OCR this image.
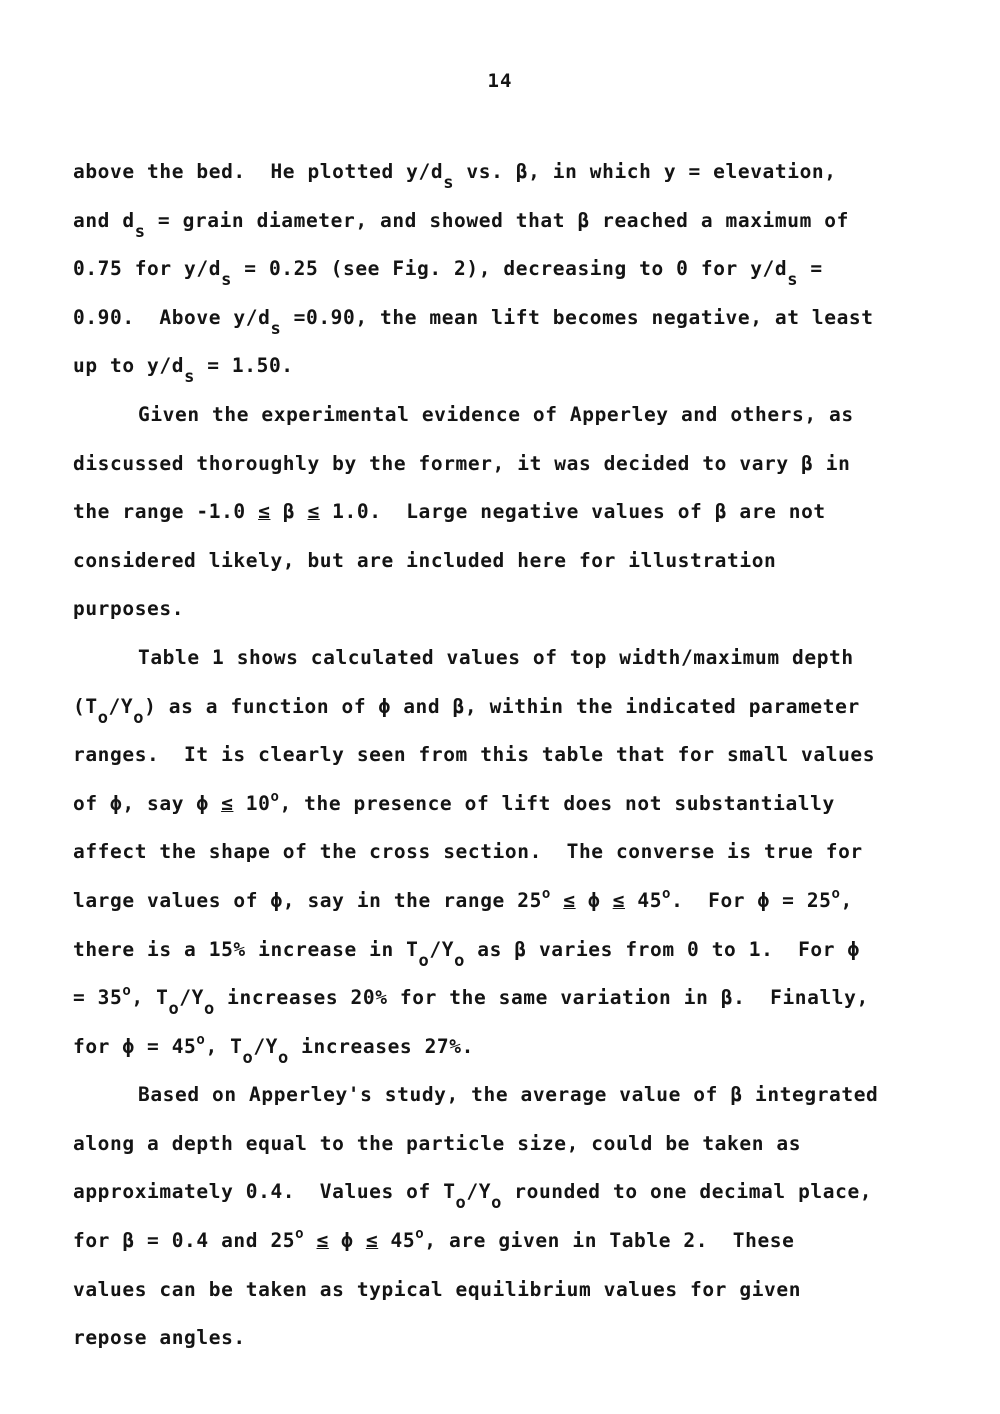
14
above the bed.  He plotted y/ds vs. β, in which y = elevation,
and ds = grain diameter, and showed that β reached a maximum of
0.75 for y/ds = 0.25 (see Fig. 2), decreasing to 0 for y/ds =
0.90.  Above y/ds =0.90, the mean lift becomes negative, at least
up to y/ds = 1.50.
Given the experimental evidence of Apperley and others, as
discussed thoroughly by the former, it was decided to vary β in
the range -1.0 ≤ β ≤ 1.0.  Large negative values of β are not
considered likely, but are included here for illustration
purposes.
Table 1 shows calculated values of top width/maximum depth
(To/Yo) as a function of ϕ and β, within the indicated parameter
ranges.  It is clearly seen from this table that for small values
of ϕ, say $\phi \le 10^o$, the presence of lift does not substantially
affect the shape of the cross section.  The converse is true for
large values of ϕ, say in the range $25^o \le \phi \le 45^o$.  For $\phi = 25^o$,
there is a 15% increase in To/Yo as β varies from 0 to 1.  For ϕ
= $35^o$, To/Yo increases 20% for the same variation in β.  Finally,
for $\phi = 45^o$, To/Yo increases 27%.
Based on Apperley's study, the average value of β integrated
along a depth equal to the particle size, could be taken as
approximately 0.4.  Values of To/Yo rounded to one decimal place,
for β = 0.4 and $25^o \le \phi \le 45^o$, are given in Table 2.  These
values can be taken as typical equilibrium values for given
repose angles.
